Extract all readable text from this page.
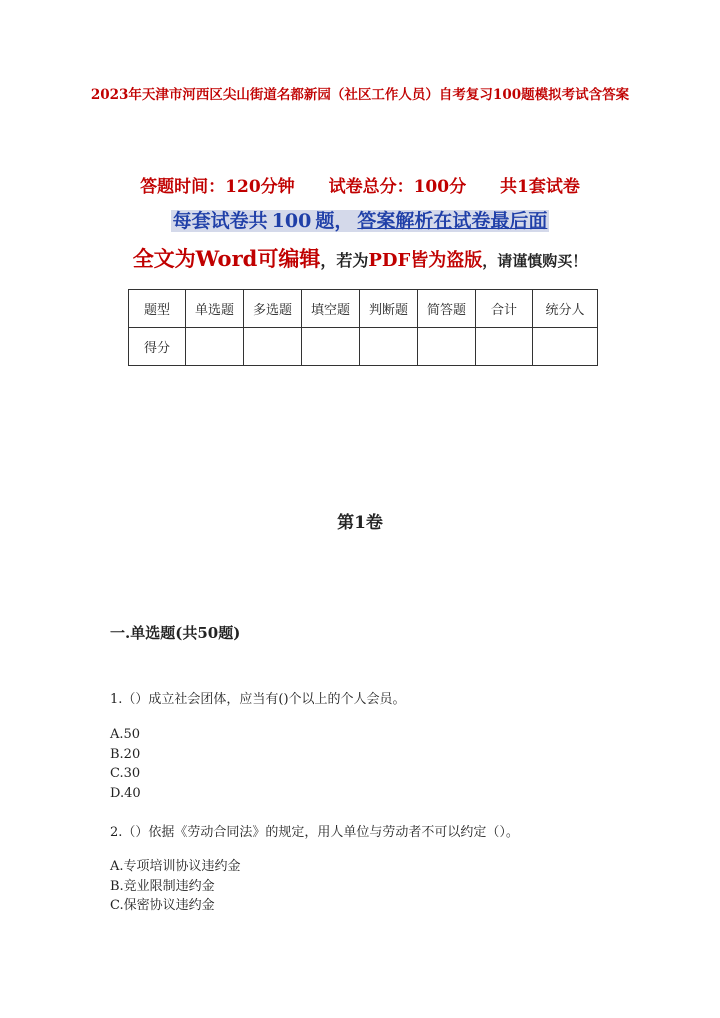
2023年天津市河西区尖山街道名都新园（社区工作人员）自考复习100题模拟考试含答案
答题时间：120分钟 试卷总分：100分 共1套试卷
每套试卷共 100 题， 答案解析在试卷最后面
全文为Word可编辑，若为PDF皆为盗版，请谨慎购买！
题型	单选题	多选题	填空题	判断题	简答题	合计	统分人
得分							
第1卷
一.单选题(共50题)
1.（）成立社会团体，应当有()个以上的个人会员。
A.50
B.20
C.30
D.40
2.（）依据《劳动合同法》的规定，用人单位与劳动者不可以约定（）。
A.专项培训协议违约金
B.竞业限制违约金
C.保密协议违约金
